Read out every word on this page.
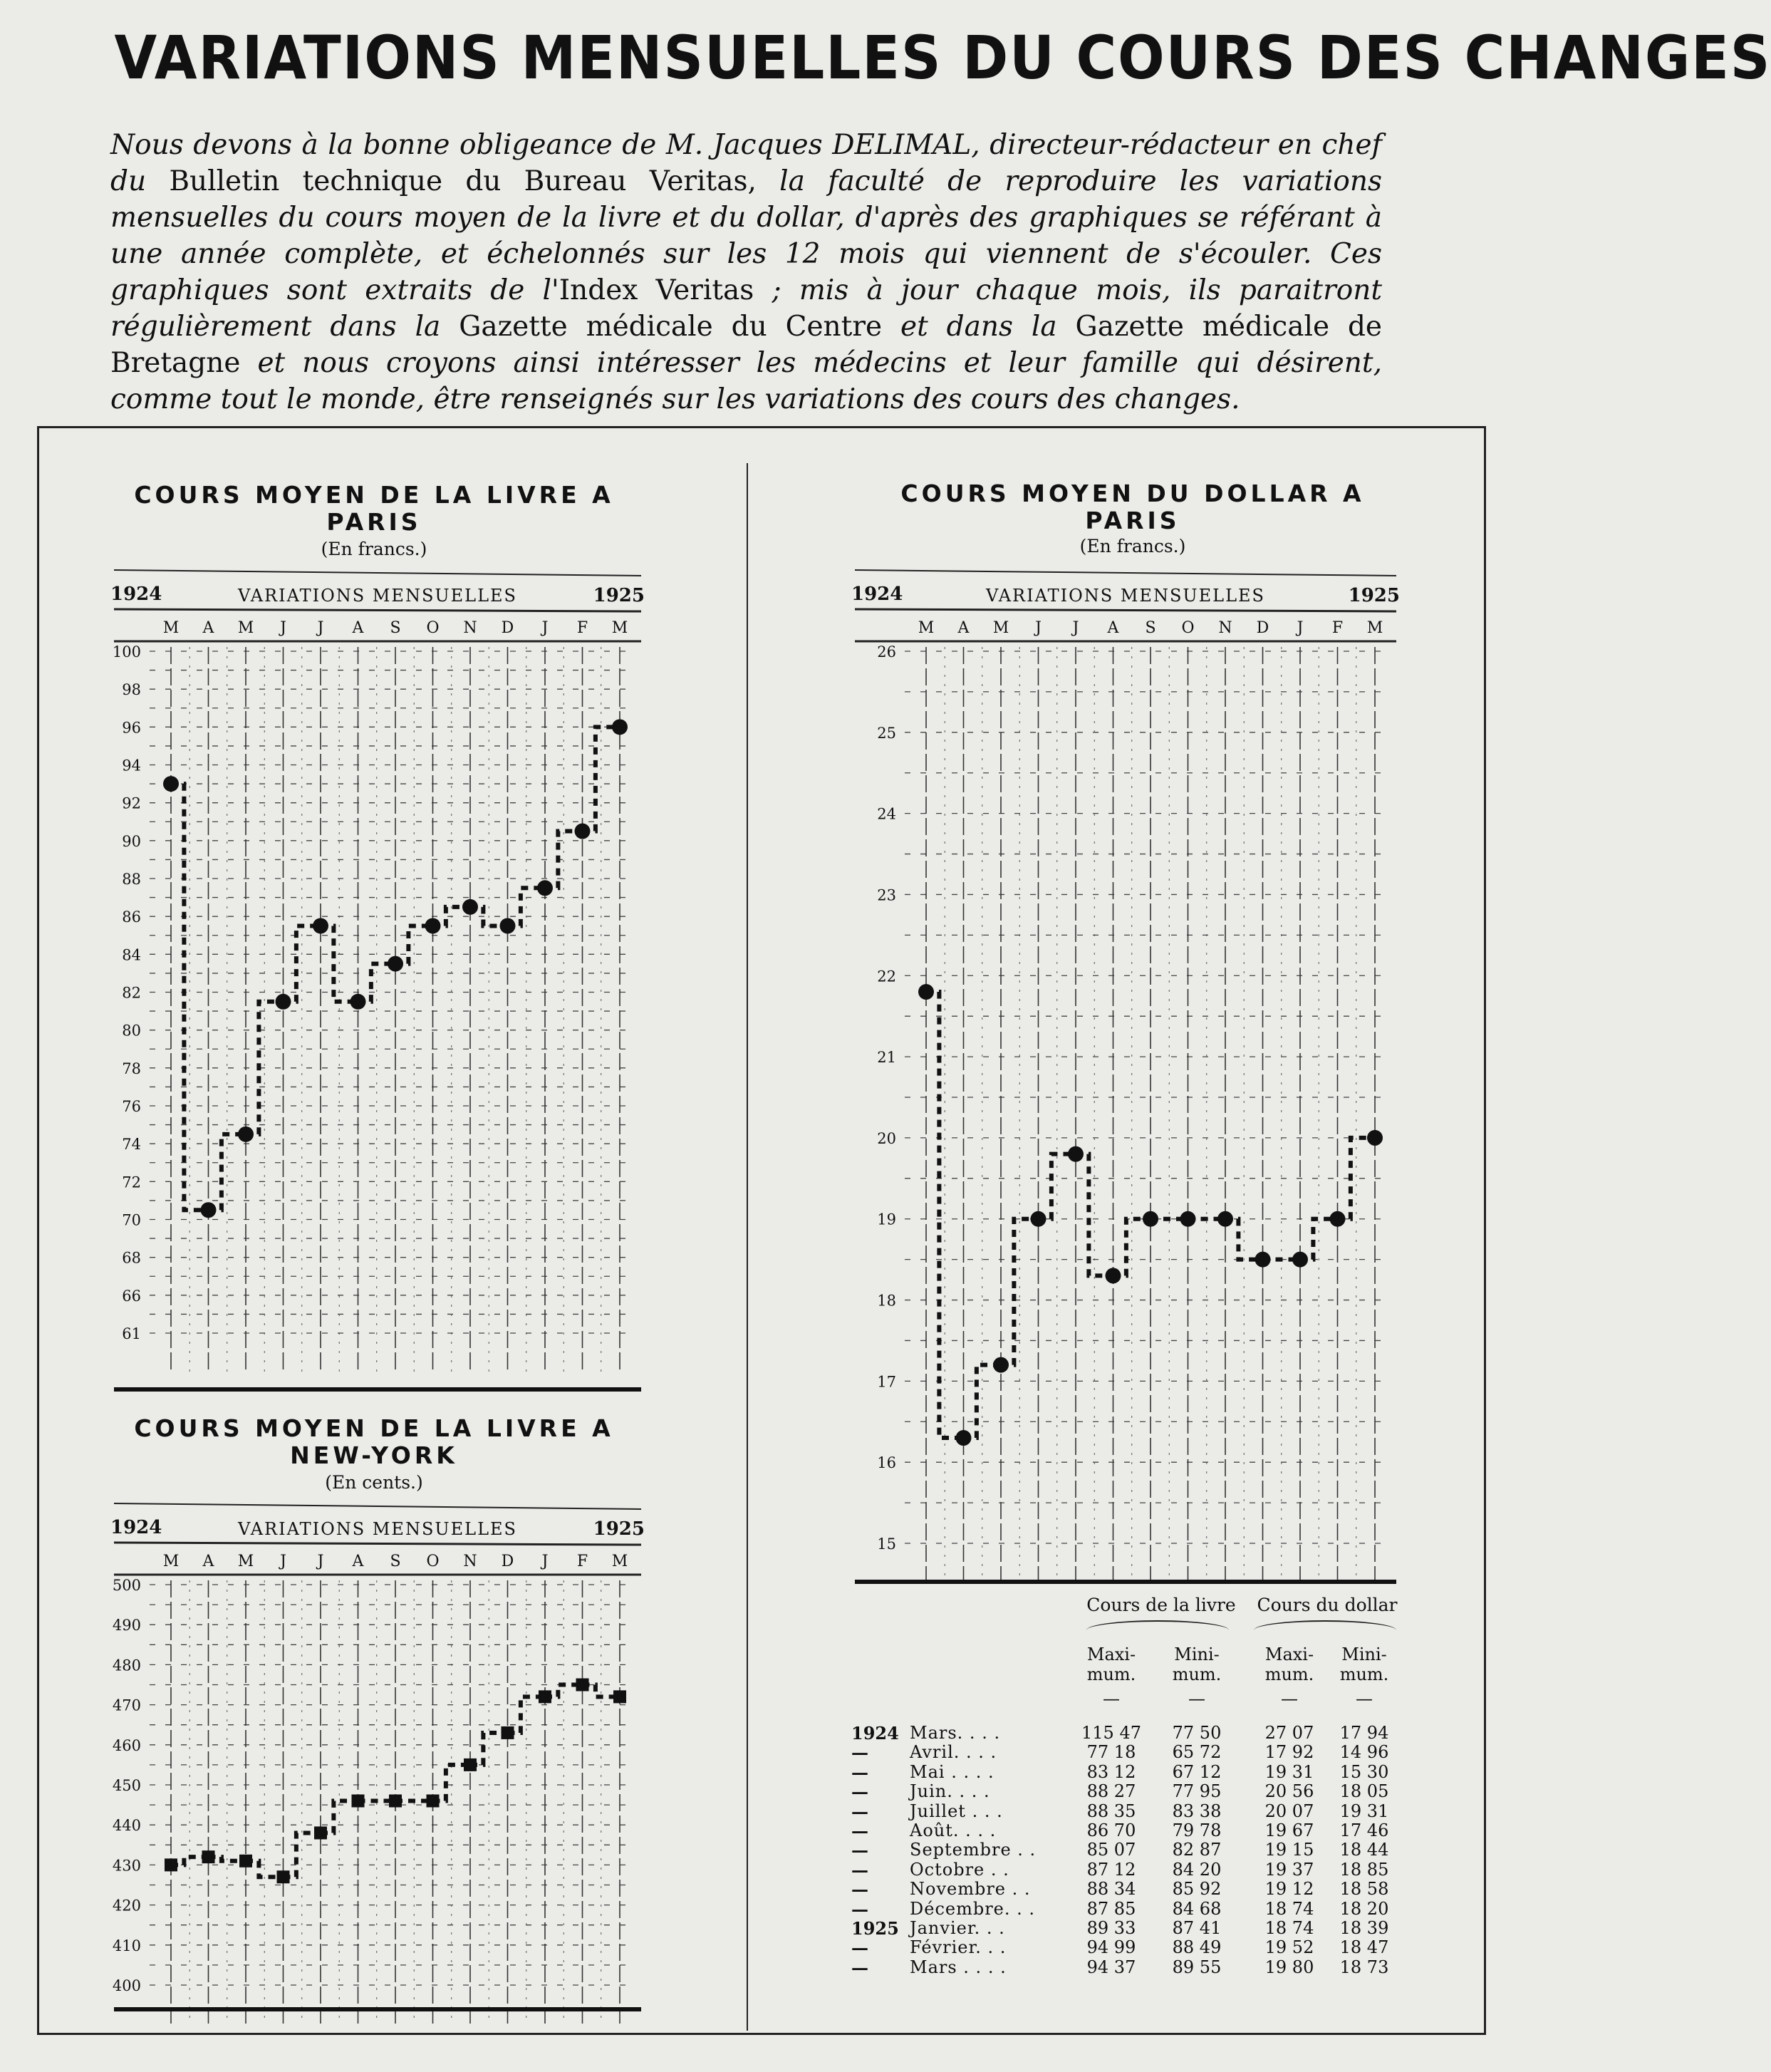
VARIATIONS MENSUELLES DU COURS DES CHANGES
Nous devons à la bonne obligeance de M. Jacques DELIMAL, directeur-rédacteur en chef du Bulletin technique du Bureau Veritas, la faculté de reproduire les variations mensuelles du cours moyen de la livre et du dollar, d'après des graphiques se référant à une année complète, et échelonnés sur les 12 mois qui viennent de s'écouler. Ces graphiques sont extraits de l'Index Veritas ; mis à jour chaque mois, ils paraitront régulièrement dans la Gazette médicale du Centre et dans la Gazette médicale de Bretagne et nous croyons ainsi intéresser les médecins et leur famille qui désirent, comme tout le monde, être renseignés sur les variations des cours des changes.
COURS MOYEN DE LA LIVRE A PARIS
(En francs.)
1924	VARIATIONS MENSUELLES	1925
M A M J J A S O N D J F M
100
98
96
94
92
90
88
86
84
82
80
78
76
74
72
70
68
66
61
COURS MOYEN DE LA LIVRE A NEW-YORK
(En cents.)
1924	VARIATIONS MENSUELLES	1925
M A M J J A S O N D J F M
500
490
480
470
460
450
440
430
420
410
400
COURS MOYEN DU DOLLAR A PARIS
(En francs.)
1924	VARIATIONS MENSUELLES	1925
M A M J J A S O N D J F M
26
25
24
23
22
21
20
19
18
17
16
15
Cours de la livre	Cours du dollar
Maxi-
mum.
Mini-
mum.
Maxi-
mum.
Mini-
mum.
—	—	—	—
1924 Mars. . . .	115 47	77 50	27 07	17 94
—	Avril. . . .	77 18	65 72	17 92	14 96
—	Mai . . . .	83 12	67 12	19 31	15 30
—	Juin. . . .	88 27	77 95	20 56	18 05
—	Juillet . . .	88 35	83 38	20 07	19 31
—	Août. . . .	86 70	79 78	19 67	17 46
—	Septembre . .	85 07	82 87	19 15	18 44
—	Octobre . .	87 12	84 20	19 37	18 85
—	Novembre . .	88 34	85 92	19 12	18 58
—	Décembre. . .	87 85	84 68	18 74	18 20
1925 Janvier. . .	89 33	87 41	18 74	18 39
—	Février. . .	94 99	88 49	19 52	18 47
—	Mars . . . .	94 37	89 55	19 80	18 73
